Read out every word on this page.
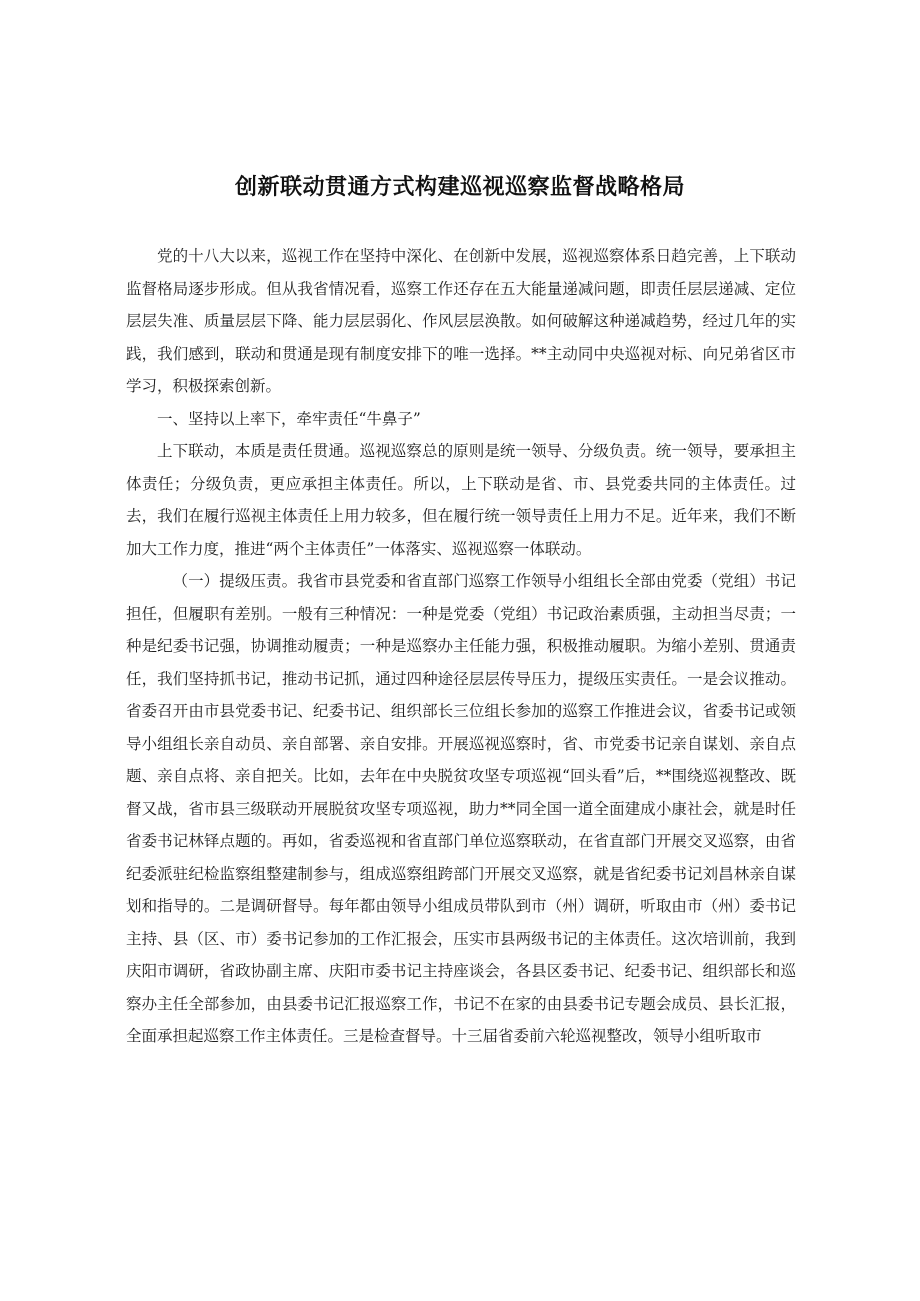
创新联动贯通方式构建巡视巡察监督战略格局

党的十八大以来，巡视工作在坚持中深化、在创新中发展，巡视巡察体系日趋完善，上下联动监督格局逐步形成。但从我省情况看，巡察工作还存在五大能量递减问题，即责任层层递减、定位层层失准、质量层层下降、能力层层弱化、作风层层涣散。如何破解这种递减趋势，经过几年的实践，我们感到，联动和贯通是现有制度安排下的唯一选择。**主动同中央巡视对标、向兄弟省区市学习，积极探索创新。

一、坚持以上率下，牵牢责任“牛鼻子”

上下联动，本质是责任贯通。巡视巡察总的原则是统一领导、分级负责。统一领导，要承担主体责任；分级负责，更应承担主体责任。所以，上下联动是省、市、县党委共同的主体责任。过去，我们在履行巡视主体责任上用力较多，但在履行统一领导责任上用力不足。近年来，我们不断加大工作力度，推进“两个主体责任”一体落实、巡视巡察一体联动。

（一）提级压责。我省市县党委和省直部门巡察工作领导小组组长全部由党委（党组）书记担任，但履职有差别。一般有三种情况：一种是党委（党组）书记政治素质强，主动担当尽责；一种是纪委书记强，协调推动履责；一种是巡察办主任能力强，积极推动履职。为缩小差别、贯通责任，我们坚持抓书记，推动书记抓，通过四种途径层层传导压力，提级压实责任。一是会议推动。省委召开由市县党委书记、纪委书记、组织部长三位组长参加的巡察工作推进会议，省委书记或领导小组组长亲自动员、亲自部署、亲自安排。开展巡视巡察时，省、市党委书记亲自谋划、亲自点题、亲自点将、亲自把关。比如，去年在中央脱贫攻坚专项巡视“回头看”后，**围绕巡视整改、既督又战，省市县三级联动开展脱贫攻坚专项巡视，助力**同全国一道全面建成小康社会，就是时任省委书记林铎点题的。再如，省委巡视和省直部门单位巡察联动，在省直部门开展交叉巡察，由省纪委派驻纪检监察组整建制参与，组成巡察组跨部门开展交叉巡察，就是省纪委书记刘昌林亲自谋划和指导的。二是调研督导。每年都由领导小组成员带队到市（州）调研，听取由市（州）委书记主持、县（区、市）委书记参加的工作汇报会，压实市县两级书记的主体责任。这次培训前，我到庆阳市调研，省政协副主席、庆阳市委书记主持座谈会，各县区委书记、纪委书记、组织部长和巡察办主任全部参加，由县委书记汇报巡察工作，书记不在家的由县委书记专题会成员、县长汇报，全面承担起巡察工作主体责任。三是检查督导。十三届省委前六轮巡视整改，领导小组听取市
